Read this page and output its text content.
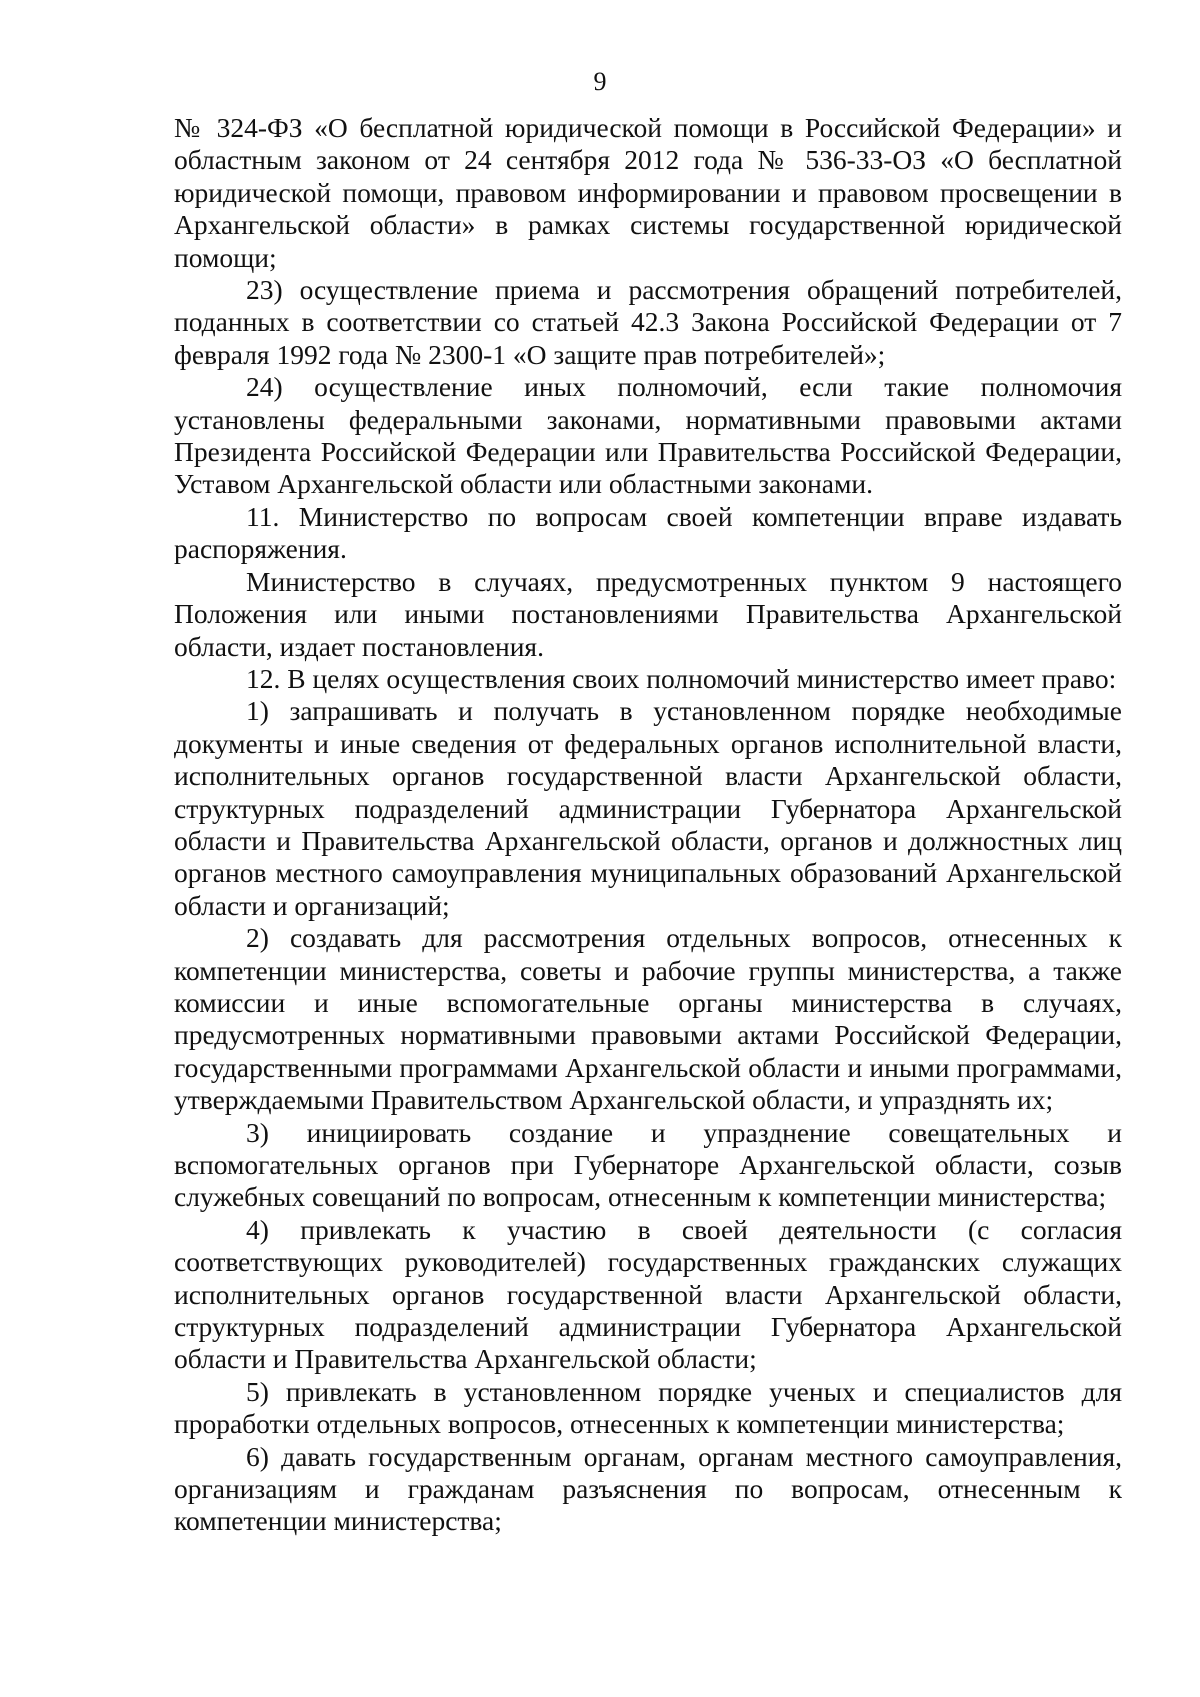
9

№ 324-ФЗ «О бесплатной юридической помощи в Российской Федерации» и областным законом от 24 сентября 2012 года № 536-33-ОЗ «О бесплатной юридической помощи, правовом информировании и правовом просвещении в Архангельской области» в рамках системы государственной юридической помощи;

23) осуществление приема и рассмотрения обращений потребителей, поданных в соответствии со статьей 42.3 Закона Российской Федерации от 7 февраля 1992 года № 2300-1 «О защите прав потребителей»;

24) осуществление иных полномочий, если такие полномочия установлены федеральными законами, нормативными правовыми актами Президента Российской Федерации или Правительства Российской Федерации, Уставом Архангельской области или областными законами.

11. Министерство по вопросам своей компетенции вправе издавать распоряжения.

Министерство в случаях, предусмотренных пунктом 9 настоящего Положения или иными постановлениями Правительства Архангельской области, издает постановления.

12. В целях осуществления своих полномочий министерство имеет право:

1) запрашивать и получать в установленном порядке необходимые документы и иные сведения от федеральных органов исполнительной власти, исполнительных органов государственной власти Архангельской области, структурных подразделений администрации Губернатора Архангельской области и Правительства Архангельской области, органов и должностных лиц органов местного самоуправления муниципальных образований Архангельской области и организаций;

2) создавать для рассмотрения отдельных вопросов, отнесенных к компетенции министерства, советы и рабочие группы министерства, а также комиссии и иные вспомогательные органы министерства в случаях, предусмотренных нормативными правовыми актами Российской Федерации, государственными программами Архангельской области и иными программами, утверждаемыми Правительством Архангельской области, и упразднять их;

3) инициировать создание и упразднение совещательных и вспомогательных органов при Губернаторе Архангельской области, созыв служебных совещаний по вопросам, отнесенным к компетенции министерства;

4) привлекать к участию в своей деятельности (с согласия соответствующих руководителей) государственных гражданских служащих исполнительных органов государственной власти Архангельской области, структурных подразделений администрации Губернатора Архангельской области и Правительства Архангельской области;

5) привлекать в установленном порядке ученых и специалистов для проработки отдельных вопросов, отнесенных к компетенции министерства;

6) давать государственным органам, органам местного самоуправления, организациям и гражданам разъяснения по вопросам, отнесенным к компетенции министерства;
